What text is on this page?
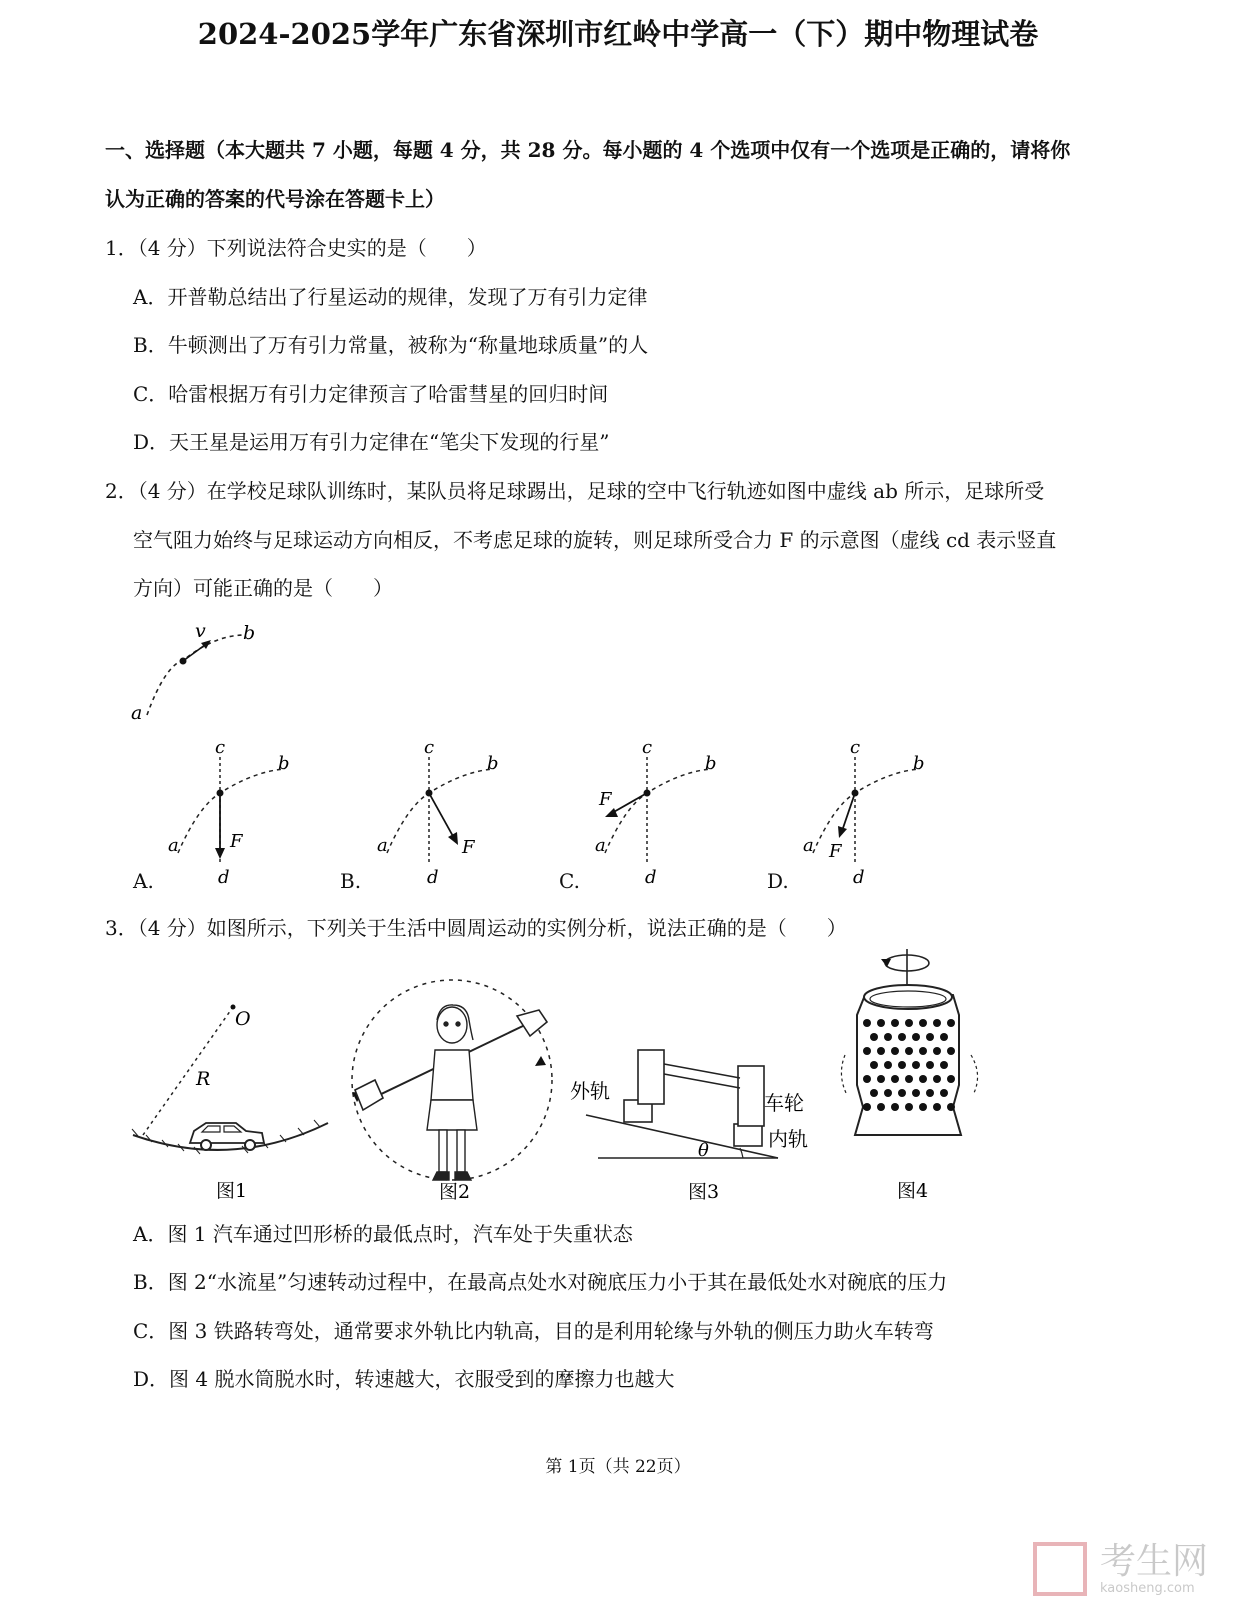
2024-2025学年广东省深圳市红岭中学高一（下）期中物理试卷
一、选择题（本大题共 7 小题，每题 4 分，共 28 分。每小题的 4 个选项中仅有一个选项是正确的，请将你
认为正确的答案的代号涂在答题卡上）
1．（4 分）下列说法符合史实的是（　　）
A．开普勒总结出了行星运动的规律，发现了万有引力定律
B．牛顿测出了万有引力常量，被称为“称量地球质量”的人
C．哈雷根据万有引力定律预言了哈雷彗星的回归时间
D．天王星是运用万有引力定律在“笔尖下发现的行星”
2．（4 分）在学校足球队训练时，某队员将足球踢出，足球的空中飞行轨迹如图中虚线 ab 所示，足球所受
空气阻力始终与足球运动方向相反，不考虑足球的旋转，则足球所受合力 F 的示意图（虚线 cd 表示竖直
方向）可能正确的是（　　）
v b
a
c
b
a	F
d
A.
c
b
a	F
d
B.
c
b
a
F
d
C.
c
b
a F
d
D.
3．（4 分）如图所示，下列关于生活中圆周运动的实例分析，说法正确的是（　　）
O
R
图1	图2
θ
外轨	车轮
内轨
图3	图4
A．图 1 汽车通过凹形桥的最低点时，汽车处于失重状态
B．图 2“水流星”匀速转动过程中，在最高点处水对碗底压力小于其在最低处水对碗底的压力
C．图 3 铁路转弯处，通常要求外轨比内轨高，目的是利用轮缘与外轨的侧压力助火车转弯
D．图 4 脱水筒脱水时，转速越大，衣服受到的摩擦力也越大
第 1页（共 22页）

考生网
kaosheng.com
